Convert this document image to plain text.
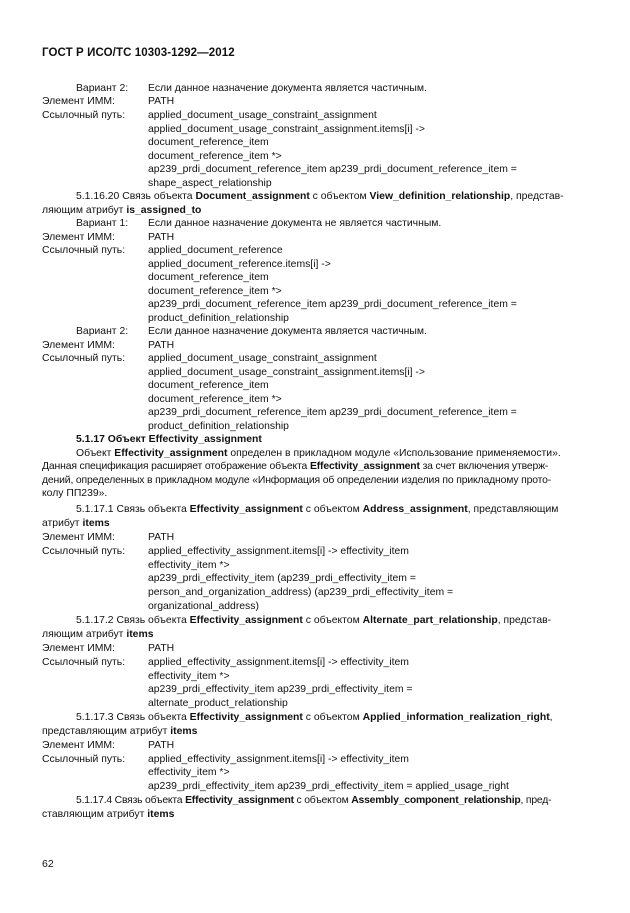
ГОСТ Р ИСО/ТС 10303-1292—2012
Вариант 2: Если данное назначение документа является частичным.
Элемент ИММ:	PATH
Ссылочный путь: applied_document_usage_constraint_assignment
applied_document_usage_constraint_assignment.items[i] ->
document_reference_item
document_reference_item *>
ap239_prdi_document_reference_item ap239_prdi_document_reference_item =
shape_aspect_relationship
5.1.16.20 Связь объекта Document_assignment с объектом View_definition_relationship, представ-
ляющим атрибут is_assigned_to
Вариант 1: Если данное назначение документа не является частичным.
Элемент ИММ:	PATH
Ссылочный путь: applied_document_reference
applied_document_reference.items[i] ->
document_reference_item
document_reference_item *>
ap239_prdi_document_reference_item ap239_prdi_document_reference_item =
product_definition_relationship
Вариант 2: Если данное назначение документа является частичным.
Элемент ИММ:	PATH
Ссылочный путь: applied_document_usage_constraint_assignment
applied_document_usage_constraint_assignment.items[i] ->
document_reference_item
document_reference_item *>
ap239_prdi_document_reference_item ap239_prdi_document_reference_item =
product_definition_relationship
5.1.17 Объект Effectivity_assignment
Объект Effectivity_assignment определен в прикладном модуле «Использование применяемости».
Данная спецификация расширяет отображение объекта Effectivity_assignment за счет включения утверж-
дений, определенных в прикладном модуле «Информация об определении изделия по прикладному прото-
колу ПП239».
5.1.17.1 Связь объекта Effectivity_assignment с объектом Address_assignment, представляющим
атрибут items
Элемент ИММ:	PATH
Ссылочный путь: applied_effectivity_assignment.items[i] -> effectivity_item
effectivity_item *>
ap239_prdi_effectivity_item (ap239_prdi_effectivity_item =
person_and_organization_address) (ap239_prdi_effectivity_item =
organizational_address)
5.1.17.2 Связь объекта Effectivity_assignment с объектом Alternate_part_relationship, представ-
ляющим атрибут items
Элемент ИММ:	PATH
Ссылочный путь: applied_effectivity_assignment.items[i] -> effectivity_item
effectivity_item *>
ap239_prdi_effectivity_item ap239_prdi_effectivity_item =
alternate_product_relationship
5.1.17.3 Связь объекта Effectivity_assignment с объектом Applied_information_realization_right,
представляющим атрибут items
Элемент ИММ:	PATH
Ссылочный путь: applied_effectivity_assignment.items[i] -> effectivity_item
effectivity_item *>
ap239_prdi_effectivity_item ap239_prdi_effectivity_item = applied_usage_right
5.1.17.4 Связь объекта Effectivity_assignment с объектом Assembly_component_relationship, пред-
ставляющим атрибут items
62
